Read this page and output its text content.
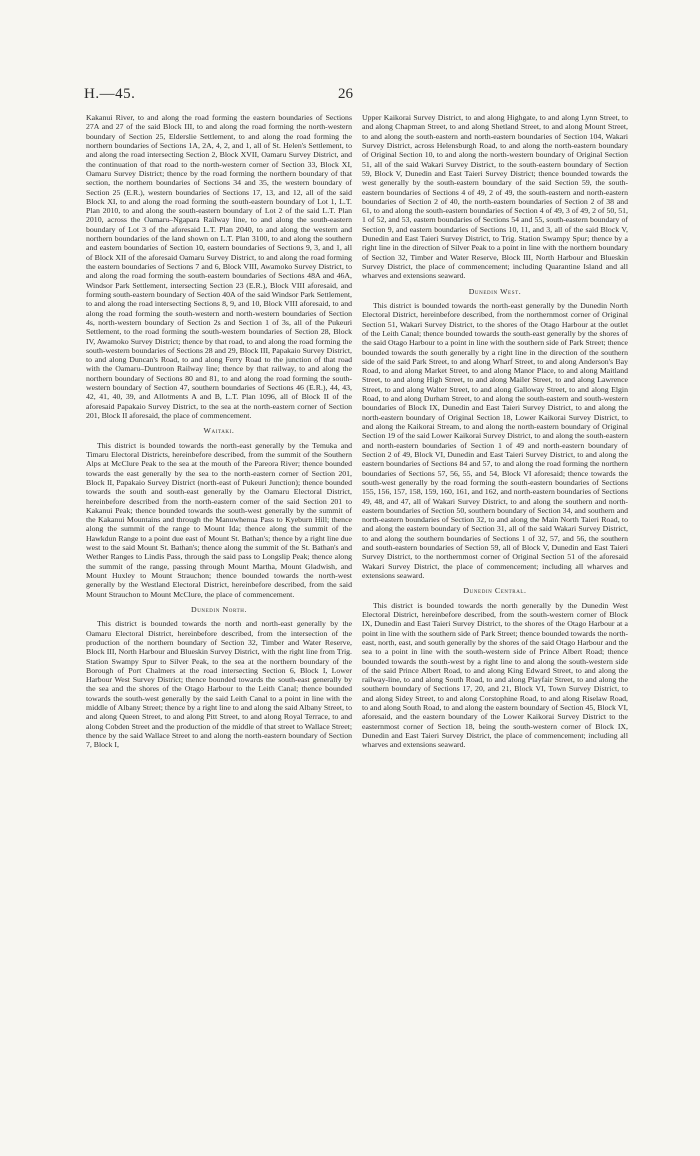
H.—45.	26

Kakanui River, to and along the road forming the eastern boundaries of Sections 27A and 27 of the said Block III, to and along the road forming the north-western boundary of Section 25, Elderslie Settlement, to and along the road forming the northern boundaries of Sections 1A, 2A, 4, 2, and 1, all of St. Helen's Settlement, to and along the road intersecting Section 2, Block XVII, Oamaru Survey District, and the continuation of that road to the north-western corner of Section 33, Block XI, Oamaru Survey District; thence by the road forming the northern boundary of that section, the northern boundaries of Sections 34 and 35, the western boundary of Section 25 (E.R.), western boundaries of Sections 17, 13, and 12, all of the said Block XI, to and along the road forming the south-eastern boundary of Lot 1, L.T. Plan 2010, to and along the south-eastern boundary of Lot 2 of the said L.T. Plan 2010, across the Oamaru–Ngapara Railway line, to and along the south-eastern boundary of Lot 3 of the aforesaid L.T. Plan 2040, to and along the western and northern boundaries of the land shown on L.T. Plan 3100, to and along the southern and eastern boundaries of Section 10, eastern boundaries of Sections 9, 3, and 1, all of Block XII of the aforesaid Oamaru Survey District, to and along the road forming the eastern boundaries of Sections 7 and 6, Block VIII, Awamoko Survey District, to and along the road forming the south-eastern boundaries of Sections 48A and 46A, Windsor Park Settlement, intersecting Section 23 (E.R.), Block VIII aforesaid, and forming south-eastern boundary of Section 40A of the said Windsor Park Settlement, to and along the road intersecting Sections 8, 9, and 10, Block VIII aforesaid, to and along the road forming the south-western and north-western boundaries of Section 4s, north-western boundary of Section 2s and Section 1 of 3s, all of the Pukeuri Settlement, to the road forming the south-western boundaries of Section 28, Block IV, Awamoko Survey District; thence by that road, to and along the road forming the south-western boundaries of Sections 28 and 29, Block III, Papakaio Survey District, to and along Duncan's Road, to and along Ferry Road to the junction of that road with the Oamaru–Duntroon Railway line; thence by that railway, to and along the northern boundary of Sections 80 and 81, to and along the road forming the south-western boundary of Section 47, southern boundaries of Sections 46 (E.R.), 44, 43, 42, 41, 40, 39, and Allotments A and B, L.T. Plan 1096, all of Block II of the aforesaid Papakaio Survey District, to the sea at the north-eastern corner of Section 201, Block II aforesaid, the place of commencement.

Waitaki.

This district is bounded towards the north-east generally by the Temuka and Timaru Electoral Districts, hereinbefore described, from the summit of the Southern Alps at McClure Peak to the sea at the mouth of the Pareora River; thence bounded towards the east generally by the sea to the north-eastern corner of Section 201, Block II, Papakaio Survey District (north-east of Pukeuri Junction); thence bounded towards the south and south-east generally by the Oamaru Electoral District, hereinbefore described from the north-eastern corner of the said Section 201 to Kakanui Peak; thence bounded towards the south-west generally by the summit of the Kakanui Mountains and through the Manuwhenua Pass to Kyeburn Hill; thence along the summit of the range to Mount Ida; thence along the summit of the Hawkdun Range to a point due east of Mount St. Bathan's; thence by a right line due west to the said Mount St. Bathan's; thence along the summit of the St. Bathan's and Wether Ranges to Lindis Pass, through the said pass to Longslip Peak; thence along the summit of the range, passing through Mount Martha, Mount Gladwish, and Mount Huxley to Mount Strauchon; thence bounded towards the north-west generally by the Westland Electoral District, hereinbefore described, from the said Mount Strauchon to Mount McClure, the place of commencement.

Dunedin North.

This district is bounded towards the north and north-east generally by the Oamaru Electoral District, hereinbefore described, from the intersection of the production of the northern boundary of Section 32, Timber and Water Reserve, Block III, North Harbour and Blueskin Survey District, with the right line from Trig. Station Swampy Spur to Silver Peak, to the sea at the northern boundary of the Borough of Port Chalmers at the road intersecting Section 6, Block I, Lower Harbour West Survey District; thence bounded towards the south-east generally by the sea and the shores of the Otago Harbour to the Leith Canal; thence bounded towards the south-west generally by the said Leith Canal to a point in line with the middle of Albany Street; thence by a right line to and along the said Albany Street, to and along Queen Street, to and along Pitt Street, to and along Royal Terrace, to and along Cobden Street and the production of the middle of that street to Wallace Street; thence by the said Wallace Street to and along the north-eastern boundary of Section 7, Block I,

Upper Kaikorai Survey District, to and along Highgate, to and along Lynn Street, to and along Chapman Street, to and along Shetland Street, to and along Mount Street, to and along the south-eastern and north-eastern boundaries of Section 104, Wakari Survey District, across Helensburgh Road, to and along the north-eastern boundary of Original Section 10, to and along the north-western boundary of Original Section 51, all of the said Wakari Survey District, to the south-eastern boundary of Section 59, Block V, Dunedin and East Taieri Survey District; thence bounded towards the west generally by the south-eastern boundary of the said Section 59, the south-eastern boundaries of Sections 4 of 49, 2 of 49, the south-eastern and north-eastern boundaries of Section 2 of 40, the north-eastern boundaries of Section 2 of 38 and 61, to and along the south-eastern boundaries of Section 4 of 49, 3 of 49, 2 of 50, 51, 1 of 52, and 53, eastern boundaries of Sections 54 and 55, south-eastern boundary of Section 9, and eastern boundaries of Sections 10, 11, and 3, all of the said Block V, Dunedin and East Taieri Survey District, to Trig. Station Swampy Spur; thence by a right line in the direction of Silver Peak to a point in line with the northern boundary of Section 32, Timber and Water Reserve, Block III, North Harbour and Blueskin Survey District, the place of commencement; including Quarantine Island and all wharves and extensions seaward.

Dunedin West.

This district is bounded towards the north-east generally by the Dunedin North Electoral District, hereinbefore described, from the northernmost corner of Original Section 51, Wakari Survey District, to the shores of the Otago Harbour at the outlet of the Leith Canal; thence bounded towards the south-east generally by the shores of the said Otago Harbour to a point in line with the southern side of Park Street; thence bounded towards the south generally by a right line in the direction of the southern side of the said Park Street, to and along Wharf Street, to and along Anderson's Bay Road, to and along Market Street, to and along Manor Place, to and along Maitland Street, to and along High Street, to and along Mailer Street, to and along Lawrence Street, to and along Walter Street, to and along Galloway Street, to and along Elgin Road, to and along Durham Street, to and along the south-eastern and south-western boundaries of Block IX, Dunedin and East Taieri Survey District, to and along the north-eastern boundary of Original Section 18, Lower Kaikorai Survey District, to and along the Kaikorai Stream, to and along the north-eastern boundary of Original Section 19 of the said Lower Kaikorai Survey District, to and along the south-eastern and north-eastern boundaries of Section 1 of 49 and north-eastern boundary of Section 2 of 49, Block VI, Dunedin and East Taieri Survey District, to and along the eastern boundaries of Sections 84 and 57, to and along the road forming the northern boundaries of Sections 57, 56, 55, and 54, Block VI aforesaid; thence towards the south-west generally by the road forming the south-eastern boundaries of Sections 155, 156, 157, 158, 159, 160, 161, and 162, and north-eastern boundaries of Sections 49, 48, and 47, all of Wakari Survey District, to and along the southern and north-eastern boundaries of Section 50, southern boundary of Section 34, and southern and north-eastern boundaries of Section 32, to and along the Main North Taieri Road, to and along the eastern boundary of Section 31, all of the said Wakari Survey District, to and along the southern boundaries of Sections 1 of 32, 57, and 56, the southern and south-eastern boundaries of Section 59, all of Block V, Dunedin and East Taieri Survey District, to the northernmost corner of Original Section 51 of the aforesaid Wakari Survey District, the place of commencement; including all wharves and extensions seaward.

Dunedin Central.

This district is bounded towards the north generally by the Dunedin West Electoral District, hereinbefore described, from the south-western corner of Block IX, Dunedin and East Taieri Survey District, to the shores of the Otago Harbour at a point in line with the southern side of Park Street; thence bounded towards the north-east, north, east, and south generally by the shores of the said Otago Harbour and the sea to a point in line with the south-western side of Prince Albert Road; thence bounded towards the south-west by a right line to and along the south-western side of the said Prince Albert Road, to and along King Edward Street, to and along the railway-line, to and along South Road, to and along Playfair Street, to and along the southern boundary of Sections 17, 20, and 21, Block VI, Town Survey District, to and along Sidey Street, to and along Corstophine Road, to and along Riselaw Road, to and along South Road, to and along the eastern boundary of Section 45, Block VI, aforesaid, and the eastern boundary of the Lower Kaikorai Survey District to the easternmost corner of Section 18, being the south-western corner of Block IX, Dunedin and East Taieri Survey District, the place of commencement; including all wharves and extensions seaward.
